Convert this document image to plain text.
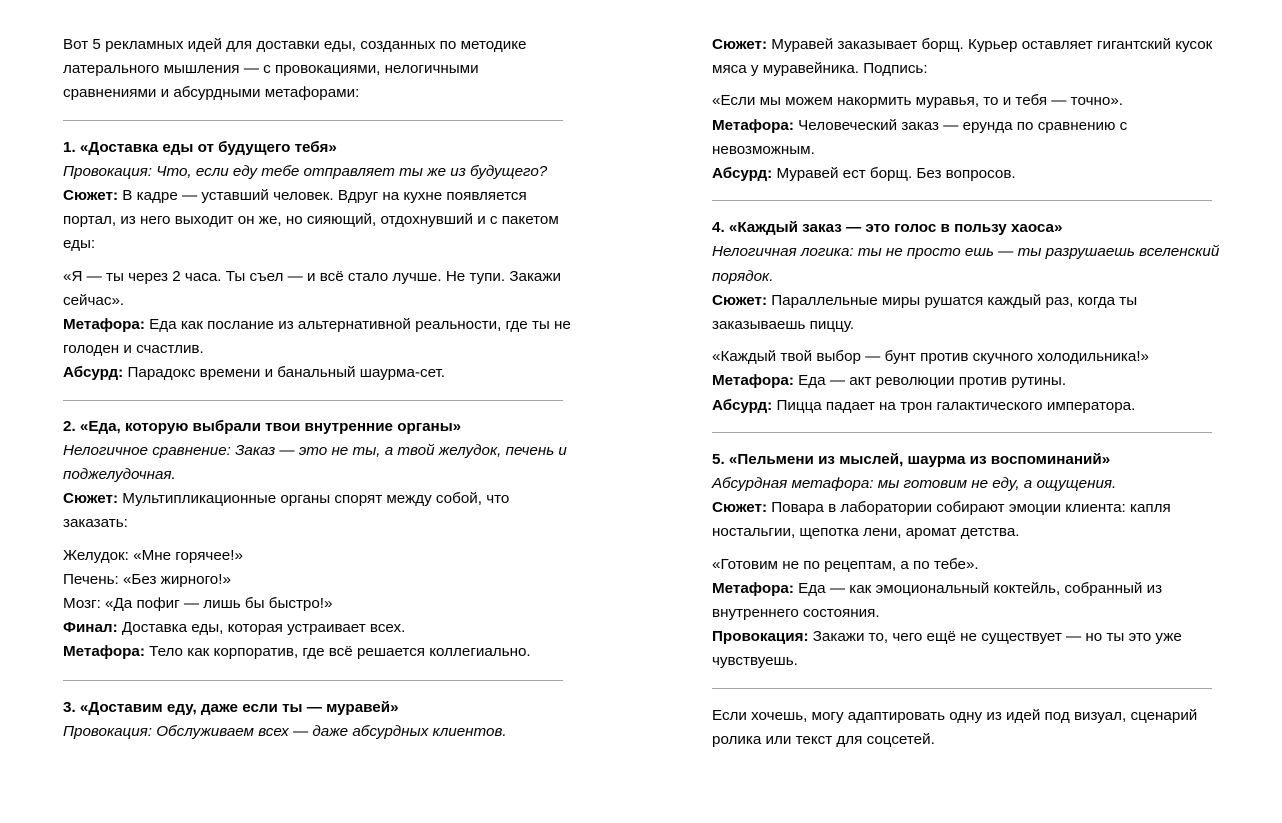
Вот 5 рекламных идей для доставки еды, созданных по методике латерального мышления — с провокациями, нелогичными сравнениями и абсурдными метафорами:

1. «Доставка еды от будущего тебя»

Провокация: Что, если еду тебе отправляет ты же из будущего?

Сюжет: В кадре — уставший человек. Вдруг на кухне появляется портал, из него выходит он же, но сияющий, отдохнувший и с пакетом еды:

«Я — ты через 2 часа. Ты съел — и всё стало лучше. Не тупи. Закажи сейчас».

Метафора: Еда как послание из альтернативной реальности, где ты не голоден и счастлив.

Абсурд: Парадокс времени и банальный шаурма-сет.

2. «Еда, которую выбрали твои внутренние органы»

Нелогичное сравнение: Заказ — это не ты, а твой желудок, печень и поджелудочная.

Сюжет: Мультипликационные органы спорят между собой, что заказать:

Желудок: «Мне горячее!»

Печень: «Без жирного!»

Мозг: «Да пофиг — лишь бы быстро!»

Финал: Доставка еды, которая устраивает всех.

Метафора: Тело как корпоратив, где всё решается коллегиально.

3. «Доставим еду, даже если ты — муравей»

Провокация: Обслуживаем всех — даже абсурдных клиентов.

Сюжет: Муравей заказывает борщ. Курьер оставляет гигантский кусок мяса у муравейника. Подпись:

«Если мы можем накормить муравья, то и тебя — точно».

Метафора: Человеческий заказ — ерунда по сравнению с невозможным.

Абсурд: Муравей ест борщ. Без вопросов.

4. «Каждый заказ — это голос в пользу хаоса»

Нелогичная логика: ты не просто ешь — ты разрушаешь вселенский порядок.

Сюжет: Параллельные миры рушатся каждый раз, когда ты заказываешь пиццу.

«Каждый твой выбор — бунт против скучного холодильника!»

Метафора: Еда — акт революции против рутины.

Абсурд: Пицца падает на трон галактического императора.

5. «Пельмени из мыслей, шаурма из воспоминаний»

Абсурдная метафора: мы готовим не еду, а ощущения.

Сюжет: Повара в лаборатории собирают эмоции клиента: капля ностальгии, щепотка лени, аромат детства.

«Готовим не по рецептам, а по тебе».

Метафора: Еда — как эмоциональный коктейль, собранный из внутреннего состояния.

Провокация: Закажи то, чего ещё не существует — но ты это уже чувствуешь.

Если хочешь, могу адаптировать одну из идей под визуал, сценарий ролика или текст для соцсетей.
